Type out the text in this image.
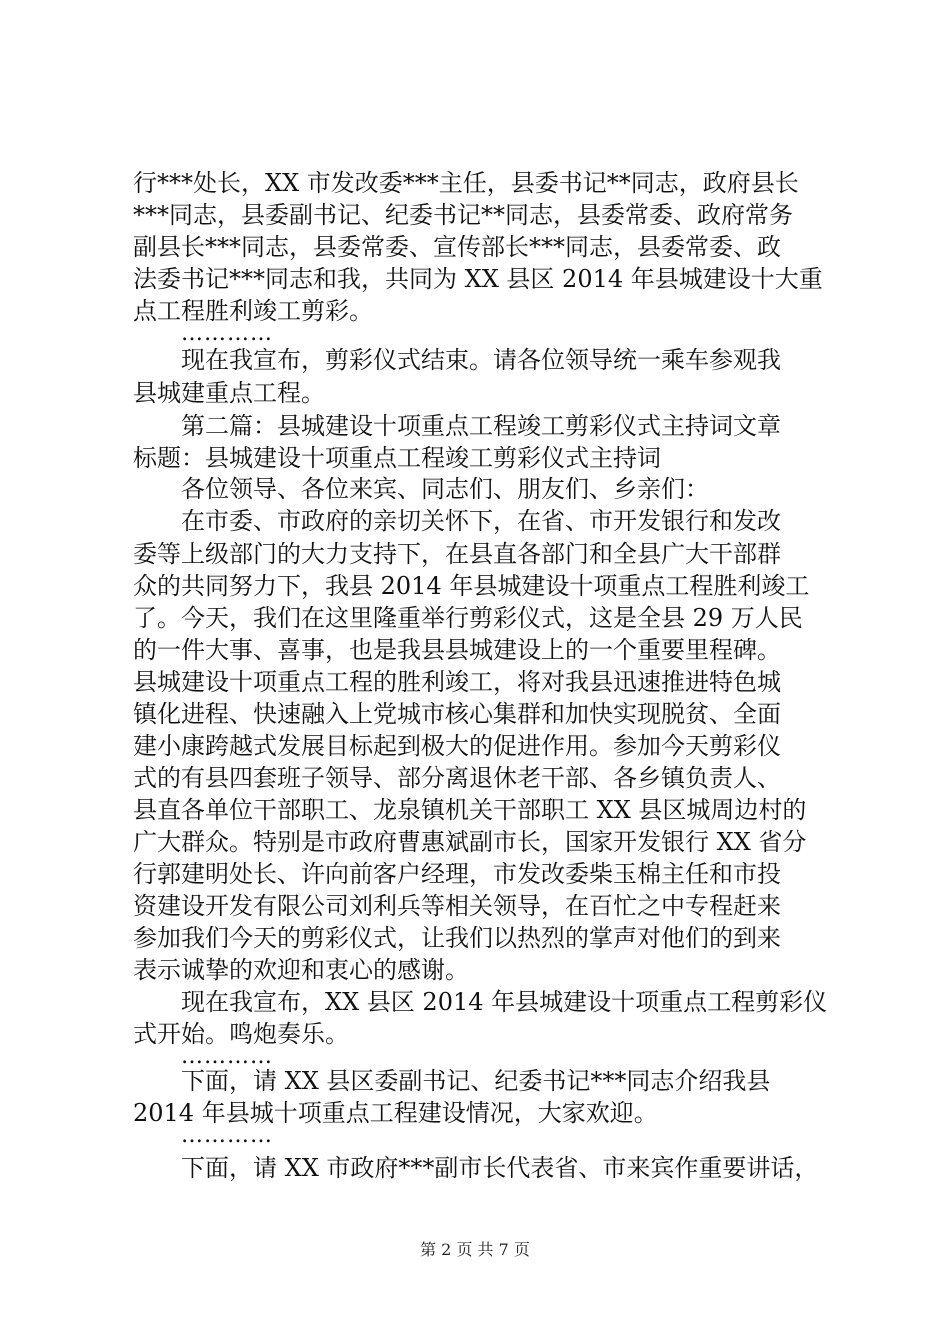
行***处长，XX 市发改委***主任，县委书记**同志，政府县长
***同志，县委副书记、纪委书记**同志，县委常委、政府常务
副县长***同志，县委常委、宣传部长***同志，县委常委、政
法委书记***同志和我，共同为 XX 县区 2014 年县城建设十大重
点工程胜利竣工剪彩。
…………
现在我宣布，剪彩仪式结束。请各位领导统一乘车参观我
县城建重点工程。
第二篇：县城建设十项重点工程竣工剪彩仪式主持词文章
标题：县城建设十项重点工程竣工剪彩仪式主持词
各位领导、各位来宾、同志们、朋友们、乡亲们：
在市委、市政府的亲切关怀下，在省、市开发银行和发改
委等上级部门的大力支持下，在县直各部门和全县广大干部群
众的共同努力下，我县 2014 年县城建设十项重点工程胜利竣工
了。今天，我们在这里隆重举行剪彩仪式，这是全县 29 万人民
的一件大事、喜事，也是我县县城建设上的一个重要里程碑。
县城建设十项重点工程的胜利竣工，将对我县迅速推进特色城
镇化进程、快速融入上党城市核心集群和加快实现脱贫、全面
建小康跨越式发展目标起到极大的促进作用。参加今天剪彩仪
式的有县四套班子领导、部分离退休老干部、各乡镇负责人、
县直各单位干部职工、龙泉镇机关干部职工 XX 县区城周边村的
广大群众。特别是市政府曹惠斌副市长，国家开发银行 XX 省分
行郭建明处长、许向前客户经理，市发改委柴玉棉主任和市投
资建设开发有限公司刘利兵等相关领导，在百忙之中专程赶来
参加我们今天的剪彩仪式，让我们以热烈的掌声对他们的到来
表示诚挚的欢迎和衷心的感谢。
现在我宣布，XX 县区 2014 年县城建设十项重点工程剪彩仪
式开始。鸣炮奏乐。
…………
下面，请 XX 县区委副书记、纪委书记***同志介绍我县
2014 年县城十项重点工程建设情况，大家欢迎。
…………
下面，请 XX 市政府***副市长代表省、市来宾作重要讲话，
第 2 页 共 7 页
